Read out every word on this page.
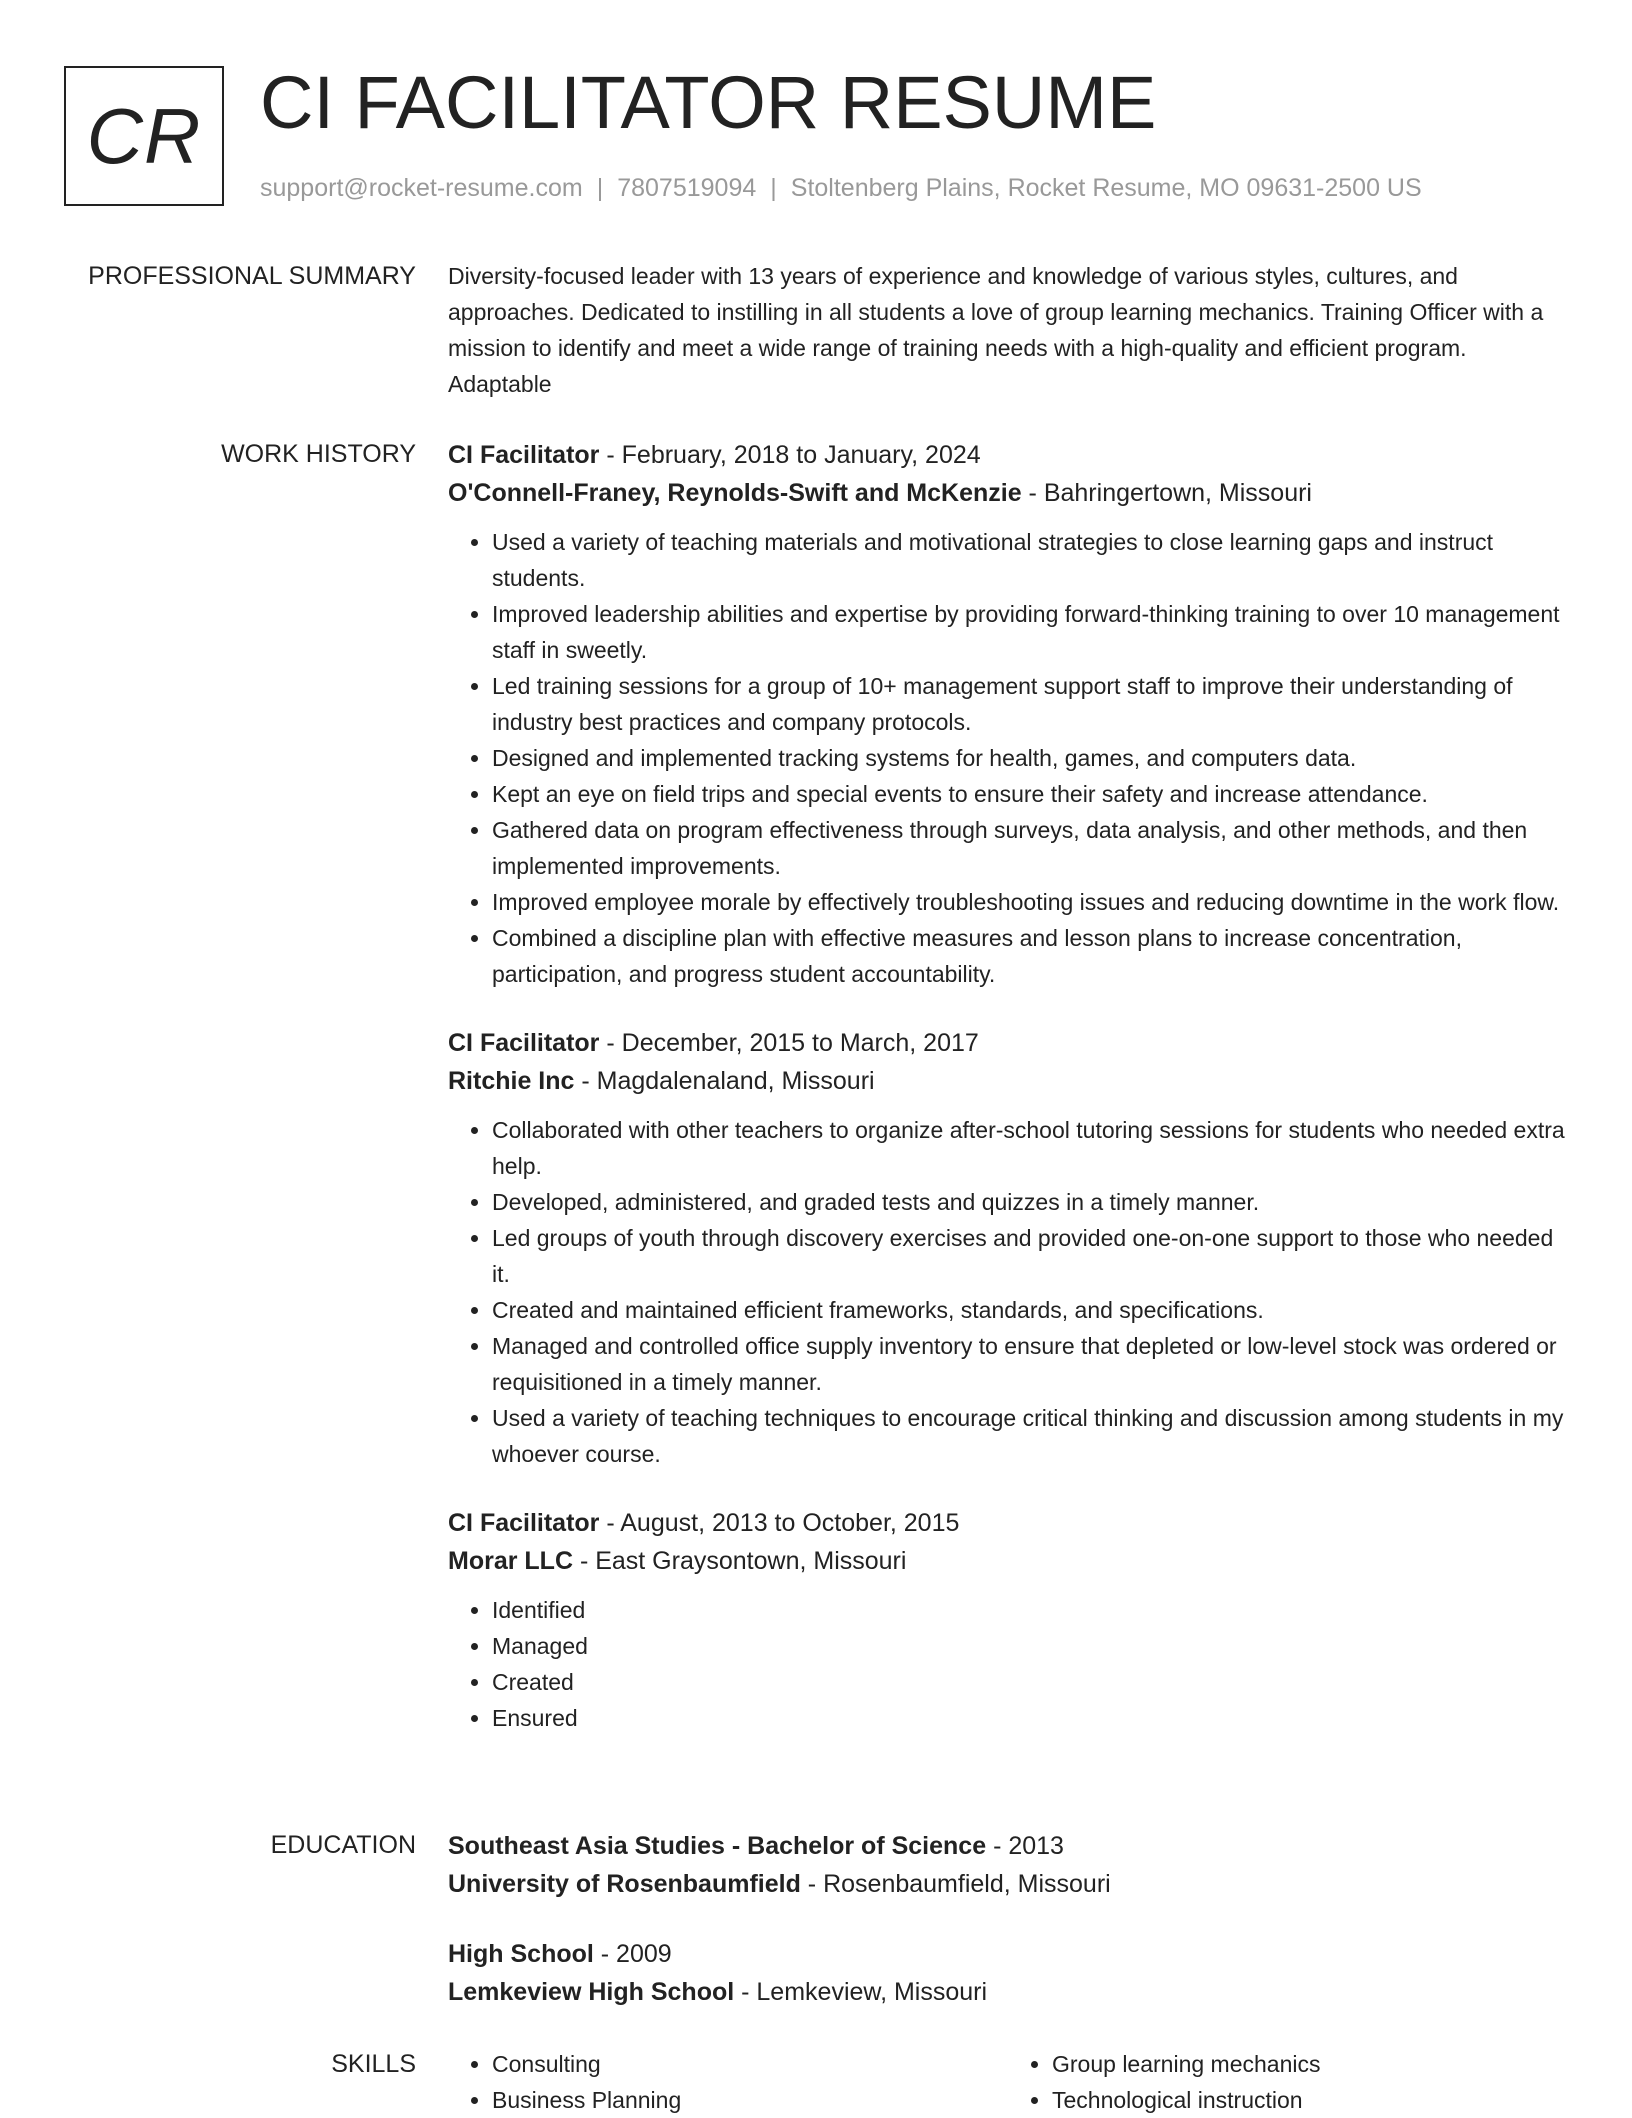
CR CI FACILITATOR RESUME
support@rocket-resume.com | 7807519094 | Stoltenberg Plains, Rocket Resume, MO 09631-2500 US
PROFESSIONAL SUMMARY Diversity-focused leader with 13 years of experience and knowledge of various styles, cultures, and approaches. Dedicated to instilling in all students a love of group learning mechanics. Training Officer with a mission to identify and meet a wide range of training needs with a high-quality and efficient program. Adaptable

WORK HISTORY CI Facilitator - February, 2018 to January, 2024
O'Connell-Franey, Reynolds-Swift and McKenzie - Bahringertown, Missouri
• Used a variety of teaching materials and motivational strategies to close learning gaps and instruct students.
• Improved leadership abilities and expertise by providing forward-thinking training to over 10 management staff in sweetly.
• Led training sessions for a group of 10+ management support staff to improve their understanding of industry best practices and company protocols.
• Designed and implemented tracking systems for health, games, and computers data.
• Kept an eye on field trips and special events to ensure their safety and increase attendance.
• Gathered data on program effectiveness through surveys, data analysis, and other methods, and then implemented improvements.
• Improved employee morale by effectively troubleshooting issues and reducing downtime in the work flow.
• Combined a discipline plan with effective measures and lesson plans to increase concentration, participation, and progress student accountability.
CI Facilitator - December, 2015 to March, 2017
Ritchie Inc - Magdalenaland, Missouri
• Collaborated with other teachers to organize after-school tutoring sessions for students who needed extra help.
• Developed, administered, and graded tests and quizzes in a timely manner.
• Led groups of youth through discovery exercises and provided one-on-one support to those who needed it.
• Created and maintained efficient frameworks, standards, and specifications.
• Managed and controlled office supply inventory to ensure that depleted or low-level stock was ordered or requisitioned in a timely manner.
• Used a variety of teaching techniques to encourage critical thinking and discussion among students in my whoever course.
CI Facilitator - August, 2013 to October, 2015
Morar LLC - East Graysontown, Missouri
• Identified
• Managed
• Created
• Ensured
EDUCATION Southeast Asia Studies - Bachelor of Science - 2013
University of Rosenbaumfield - Rosenbaumfield, Missouri
High School - 2009
Lemkeview High School - Lemkeview, Missouri
SKILLS
•	Consulting
• Business Planning
• Group learning mechanics
• Technological instruction
